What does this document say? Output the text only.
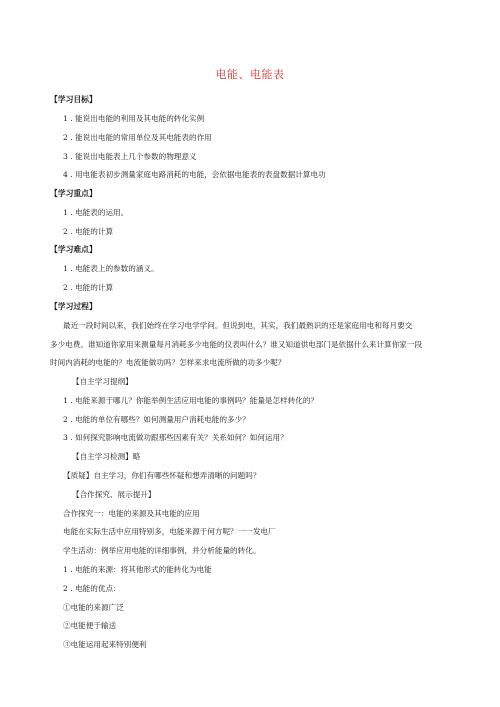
电能、电能表
【学习目标】
1 . 能说出电能的利用及其电能的转化实例
2 . 能说出电能的常用单位及其电能表的作用
3 . 能说出电能表上几个参数的物理意义
4 . 用电能表初步测量家庭电路消耗的电能，会依据电能表的表盘数据计算电功
【学习重点】
1 . 电能表的运用。
2 . 电能的计算
【学习难点】
1 . 电能表上的参数的涵义。
2 . 电能的计算
【学习过程】
最近一段时间以来，我们始终在学习电学学问。但说到电，其实，我们最熟识的还是家庭用电和每月要交
多少电费。谁知道你家用来测量每月消耗多少电能的仪表叫什么？谁又知道供电部门是依据什么来计算你家一段
时间内消耗的电能的？电流能做功吗？怎样来求电流所做的功多少呢？
【自主学习提纲】
1 . 电能来源于哪儿？你能举例生活应用电能的事例吗？能量是怎样转化的？
2 . 电能的单位有哪些？如何测量用户消耗电能的多少？
3 . 如何探究影响电流做功跟那些因素有关？关系如何？如何运用？
【自主学习检测】略
【质疑】自主学习，你们有哪些怀疑和想弄清晰的问题吗？
【合作探究、展示提升】
合作探究一：电能的来源及其电能的应用
电能在实际生活中应用特别多，电能来源于何方呢？一一发电厂
学生活动：例举应用电能的详细事例，并分析能量的转化。
1 . 电能的来源：将其他形式的能转化为电能
2 . 电能的优点：
①电能的来源广泛
②电能便于输送
③电能运用起来特别便利
